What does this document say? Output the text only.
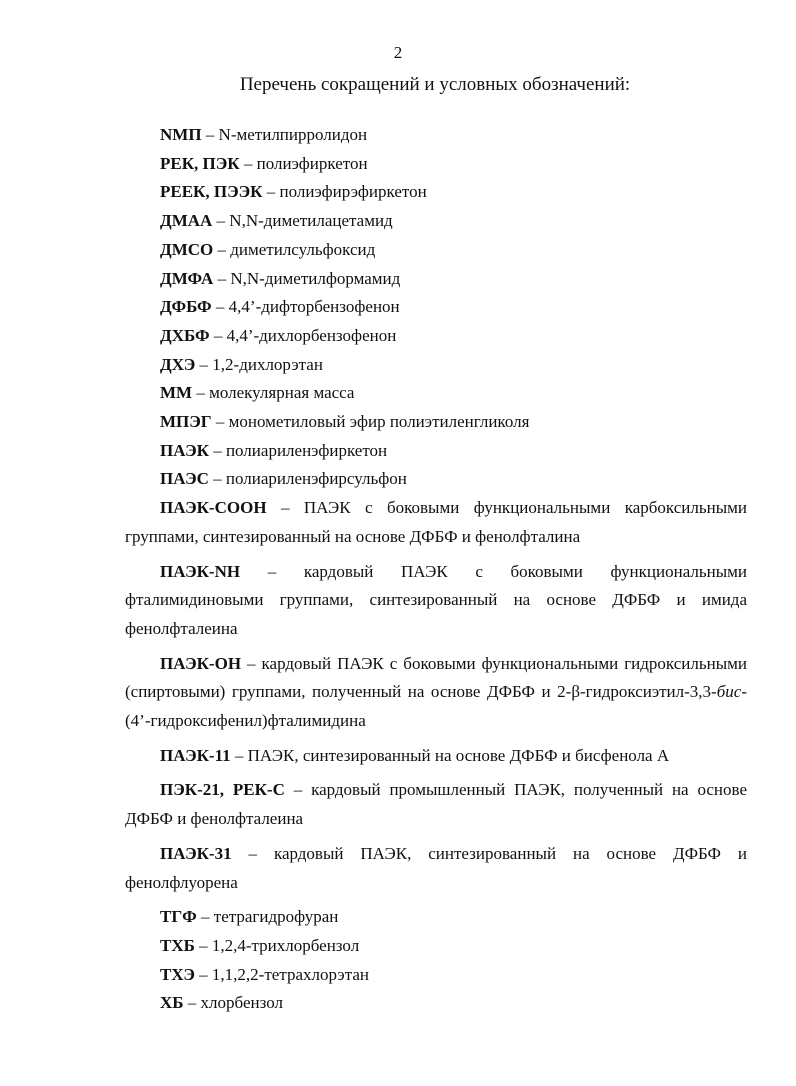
2
Перечень сокращений и условных обозначений:

NМП – N-метилпирролидон

РЕК, ПЭК – полиэфиркетон

РЕЕК, ПЭЭК – полиэфирэфиркетон

ДМАА – N,N-диметилацетамид

ДМСО – диметилсульфоксид

ДМФА – N,N-диметилформамид

ДФБФ – 4,4’-дифторбензофенон

ДХБФ – 4,4’-дихлорбензофенон

ДХЭ – 1,2-дихлорэтан

ММ – молекулярная масса

МПЭГ – монометиловый эфир полиэтиленгликоля

ПАЭК – полиариленэфиркетон

ПАЭС – полиариленэфирсульфон

ПАЭК-COOH – ПАЭК с боковыми функциональными карбоксильными группами, синтезированный на основе ДФБФ и фенолфталина

ПАЭК-NH – кардовый ПАЭК с боковыми функциональными фталимидиновыми группами, синтезированный на основе ДФБФ и имида фенолфталеина

ПАЭК-OH – кардовый ПАЭК с боковыми функциональными гидроксильными (спиртовыми) группами, полученный на основе ДФБФ и 2-β-гидроксиэтил-3,3-бис-(4’-гидроксифенил)фталимидина

ПАЭК-11 – ПАЭК, синтезированный на основе ДФБФ и бисфенола А

ПЭК-21, РЕК-С – кардовый промышленный ПАЭК, полученный на основе ДФБФ и фенолфталеина

ПАЭК-31 – кардовый ПАЭК, синтезированный на основе ДФБФ и фенолфлуорена

ТГФ – тетрагидрофуран

ТХБ – 1,2,4-трихлорбензол

ТХЭ – 1,1,2,2-тетрахлорэтан

ХБ – хлорбензол
